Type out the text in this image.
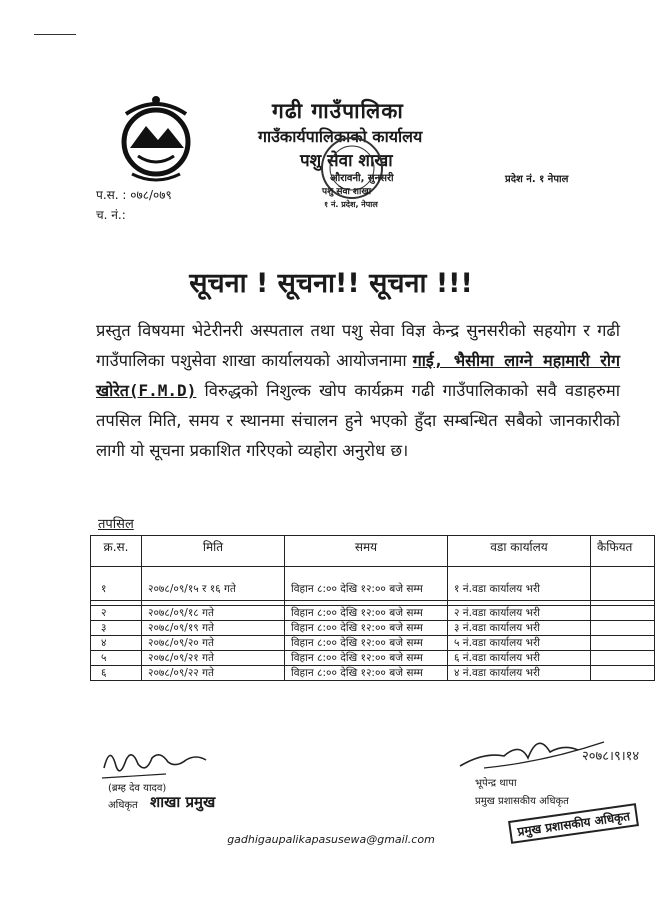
गढी गाउँपालिका
गाउँकार्यपालिकाको कार्यालय
पशु सेवा शाखा
औरावनी, सुनसरी
पशु सेवा शाखा
१ नं. प्रदेश, नेपाल
प्रदेश नं. १ नेपाल
प.स. : ०७८/०७९
च. नं.:
सूचना ! सूचना!! सूचना !!!
प्रस्तुत विषयमा भेटेरीनरी अस्पताल तथा पशु सेवा विज्ञ केन्द्र सुनसरीको सहयोग र गढी गाउँपालिका पशुसेवा शाखा कार्यालयको आयोजनामा गाई, भैसीमा लाग्ने महामारी रोग खोरेत(F.M.D) विरुद्धको निशुल्क खोप कार्यक्रम गढी गाउँपालिकाको सवै वडाहरुमा तपसिल मिति, समय र स्थानमा संचालन हुने भएको हुँदा सम्बन्धित सबैको जानकारीको लागी यो सूचना प्रकाशित गरिएको व्यहोरा अनुरोध छ।
तपसिल
क्र.स.	मिति	समय	वडा कार्यालय	कैफियत
१	२०७८/०९/१५ र १६ गते	विहान ८:०० देखि १२:०० बजे सम्म	१ नं.वडा कार्यालय भरी	

२	२०७८/०९/१८ गते	विहान ८:०० देखि १२:०० बजे सम्म	२ नं.वडा कार्यालय भरी	
३	२०७८/०९/१९ गते	विहान ८:०० देखि १२:०० बजे सम्म	३ नं.वडा कार्यालय भरी	
४	२०७८/०९/२० गते	विहान ८:०० देखि १२:०० बजे सम्म	५ नं.वडा कार्यालय भरी	
५	२०७८/०९/२१ गते	विहान ८:०० देखि १२:०० बजे सम्म	६ नं.वडा कार्यालय भरी	
६	२०७८/०९/२२ गते	विहान ८:०० देखि १२:०० बजे सम्म	४ नं.वडा कार्यालय भरी	
२०७८।९।१४
(ब्रम्ह देव यादव)
अधिकृत शाखा प्रमुख
भूपेन्द्र थापा
प्रमुख प्रशासकीय अधिकृत
gadhigaupalikapasusewa@gmail.com
प्रमुख प्रशासकीय अधिकृत
